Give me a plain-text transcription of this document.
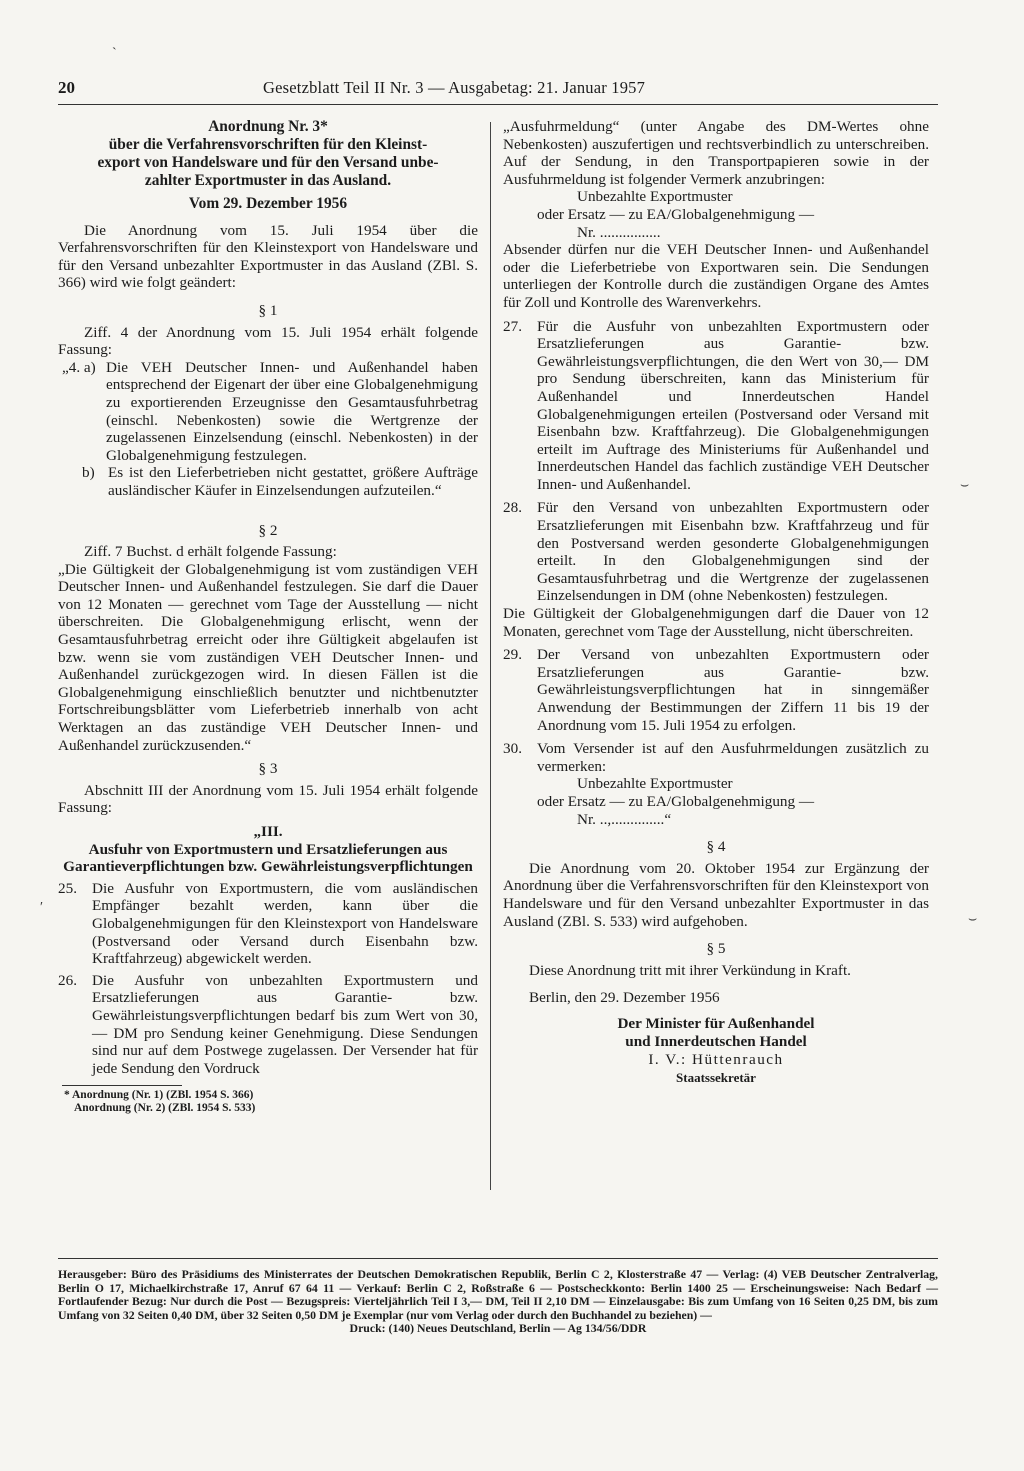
20	Gesetzblatt Teil II Nr. 3 — Ausgabetag: 21. Januar 1957
Anordnung Nr. 3*
über die Verfahrensvorschriften für den Kleinst-
export von Handelsware und für den Versand unbe-
zahlter Exportmuster in das Ausland.
Vom 29. Dezember 1956

Die Anordnung vom 15. Juli 1954 über die Verfahrensvorschriften für den Kleinstexport von Handelsware und für den Versand unbezahlter Exportmuster in das Ausland (ZBl. S. 366) wird wie folgt geändert:

§ 1

Ziff. 4 der Anordnung vom 15. Juli 1954 erhält folgende Fassung:

„4. a) Die VEH Deutscher Innen- und Außenhandel haben entsprechend der Eigenart der über eine Globalgenehmigung zu exportierenden Erzeugnisse den Gesamtausfuhrbetrag (einschl. Nebenkosten) sowie die Wertgrenze der zugelassenen Einzelsendung (einschl. Nebenkosten) in der Globalgenehmigung festzulegen.
b) Es ist den Lieferbetrieben nicht gestattet, größere Aufträge ausländischer Käufer in Einzelsendungen aufzuteilen.“
§ 2

Ziff. 7 Buchst. d erhält folgende Fassung:

„Die Gültigkeit der Globalgenehmigung ist vom zuständigen VEH Deutscher Innen- und Außenhandel festzulegen. Sie darf die Dauer von 12 Monaten — gerechnet vom Tage der Ausstellung — nicht überschreiten. Die Globalgenehmigung erlischt, wenn der Gesamtausfuhrbetrag erreicht oder ihre Gültigkeit abgelaufen ist bzw. wenn sie vom zuständigen VEH Deutscher Innen- und Außenhandel zurückgezogen wird. In diesen Fällen ist die Globalgenehmigung einschließlich benutzter und nichtbenutzter Fortschreibungsblätter vom Lieferbetrieb innerhalb von acht Werktagen an das zuständige VEH Deutscher Innen- und Außenhandel zurückzusenden.“

§ 3

Abschnitt III der Anordnung vom 15. Juli 1954 erhält folgende Fassung:

„III.
Ausfuhr von Exportmustern und Ersatzlieferungen aus Garantieverpflichtungen bzw. Gewährleistungsverpflichtungen
25. Die Ausfuhr von Exportmustern, die vom ausländischen Empfänger bezahlt werden, kann über die Globalgenehmigungen für den Kleinstexport von Handelsware (Postversand oder Versand durch Eisenbahn bzw. Kraftfahrzeug) abgewickelt werden.
26. Die Ausfuhr von unbezahlten Exportmustern und Ersatzlieferungen aus Garantie- bzw. Gewährleistungsverpflichtungen bedarf bis zum Wert von 30,— DM pro Sendung keiner Genehmigung. Diese Sendungen sind nur auf dem Postwege zugelassen. Der Versender hat für jede Sendung den Vordruck
* Anordnung (Nr. 1) (ZBl. 1954 S. 366)
Anordnung (Nr. 2) (ZBl. 1954 S. 533)

„Ausfuhrmeldung“ (unter Angabe des DM-Wertes ohne Nebenkosten) auszufertigen und rechtsverbindlich zu unterschreiben. Auf der Sendung, in den Transportpapieren sowie in der Ausfuhrmeldung ist folgender Vermerk anzubringen:

Unbezahlte Exportmuster
oder Ersatz — zu EA/Globalgenehmigung —
Nr. ................

Absender dürfen nur die VEH Deutscher Innen- und Außenhandel oder die Lieferbetriebe von Exportwaren sein. Die Sendungen unterliegen der Kontrolle durch die zuständigen Organe des Amtes für Zoll und Kontrolle des Warenverkehrs.

27. Für die Ausfuhr von unbezahlten Exportmustern oder Ersatzlieferungen aus Garantie- bzw. Gewährleistungsverpflichtungen, die den Wert von 30,— DM pro Sendung überschreiten, kann das Ministerium für Außenhandel und Innerdeutschen Handel Globalgenehmigungen erteilen (Postversand oder Versand mit Eisenbahn bzw. Kraftfahrzeug). Die Globalgenehmigungen erteilt im Auftrage des Ministeriums für Außenhandel und Innerdeutschen Handel das fachlich zuständige VEH Deutscher Innen- und Außenhandel.
28. Für den Versand von unbezahlten Exportmustern oder Ersatzlieferungen mit Eisenbahn bzw. Kraftfahrzeug und für den Postversand werden gesonderte Globalgenehmigungen erteilt. In den Globalgenehmigungen sind der Gesamtausfuhrbetrag und die Wertgrenze der zugelassenen Einzelsendungen in DM (ohne Nebenkosten) festzulegen.

Die Gültigkeit der Globalgenehmigungen darf die Dauer von 12 Monaten, gerechnet vom Tage der Ausstellung, nicht überschreiten.

29. Der Versand von unbezahlten Exportmustern oder Ersatzlieferungen aus Garantie- bzw. Gewährleistungsverpflichtungen hat in sinngemäßer Anwendung der Bestimmungen der Ziffern 11 bis 19 der Anordnung vom 15. Juli 1954 zu erfolgen.
30. Vom Versender ist auf den Ausfuhrmeldungen zusätzlich zu vermerken:
Unbezahlte Exportmuster
oder Ersatz — zu EA/Globalgenehmigung —
Nr. ..,..............“
§ 4

Die Anordnung vom 20. Oktober 1954 zur Ergänzung der Anordnung über die Verfahrensvorschriften für den Kleinstexport von Handelsware und für den Versand unbezahlter Exportmuster in das Ausland (ZBl. S. 533) wird aufgehoben.

§ 5

Diese Anordnung tritt mit ihrer Verkündung in Kraft.

Berlin, den 29. Dezember 1956

Der Minister für Außenhandel
und Innerdeutschen Handel
I. V.: Hüttenrauch
Staatssekretär
Herausgeber: Büro des Präsidiums des Ministerrates der Deutschen Demokratischen Republik, Berlin C 2, Klosterstraße 47 — Verlag: (4) VEB Deutscher Zentralverlag, Berlin O 17, Michaelkirchstraße 17, Anruf 67 64 11 — Verkauf: Berlin C 2, Roßstraße 6 — Postscheckkonto: Berlin 1400 25 — Erscheinungsweise: Nach Bedarf — Fortlaufender Bezug: Nur durch die Post — Bezugspreis: Vierteljährlich Teil I 3,— DM, Teil II 2,10 DM — Einzelausgabe: Bis zum Umfang von 16 Seiten 0,25 DM, bis zum Umfang von 32 Seiten 0,40 DM, über 32 Seiten 0,50 DM je Exemplar (nur vom Verlag oder durch den Buchhandel zu beziehen) —
Druck: (140) Neues Deutschland, Berlin — Ag 134/56/DDR
ˋ
′
⌣
⌣
